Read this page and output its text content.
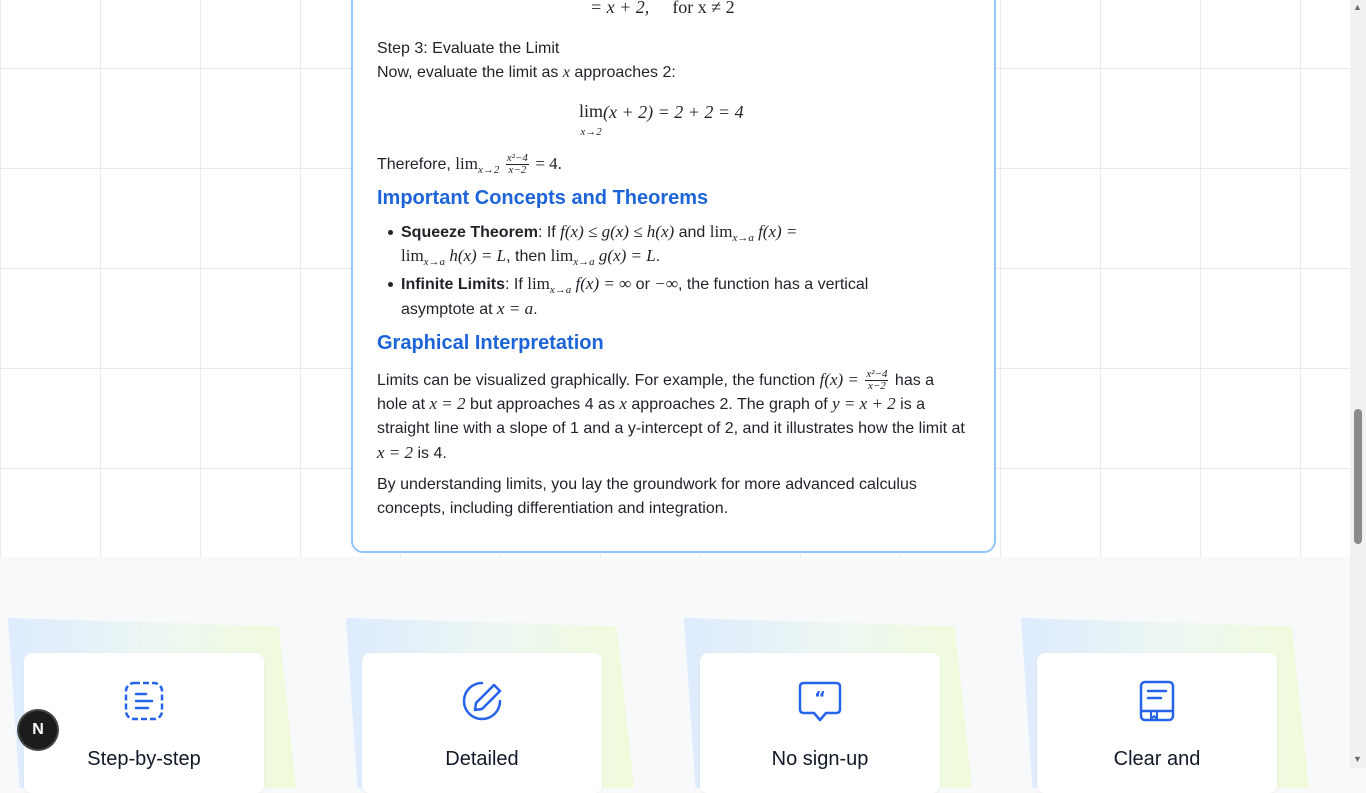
= x + 2, for x ≠ 2
Step 3: Evaluate the Limit
Now, evaluate the limit as x approaches 2:
lim
x→2(x + 2) = 2 + 2 = 4
Therefore, $\lim_{x\to 2} \frac{\text{x²−4}}{x-2} = 4$.
Important Concepts and Theorems
Squeeze Theorem: If f(x) ≤ g(x) ≤ h(x) and $\lim_{x\to a} f(x)$ =
$\lim_{x\to a} h(x) = L$, then $\lim_{x\to a} g(x) = L$.
Infinite Limits: If $\lim_{x\to a} f(x)$ = ∞ or −∞, the function has a vertical
asymptote at x = a.
Graphical Interpretation
Limits can be visualized graphically. For example, the function $f(x) = \frac{\text{x²−4}}{x-2}$ has a
hole at x = 2 but approaches 4 as x approaches 2. The graph of y = x + 2 is a
straight line with a slope of 1 and a y-intercept of 2, and it illustrates how the limit at
x = 2 is 4.
By understanding limits, you lay the groundwork for more advanced calculus
concepts, including differentiation and integration.
Step-by-step	Detailed
“
No sign-up	Clear and
N
▲
▼
